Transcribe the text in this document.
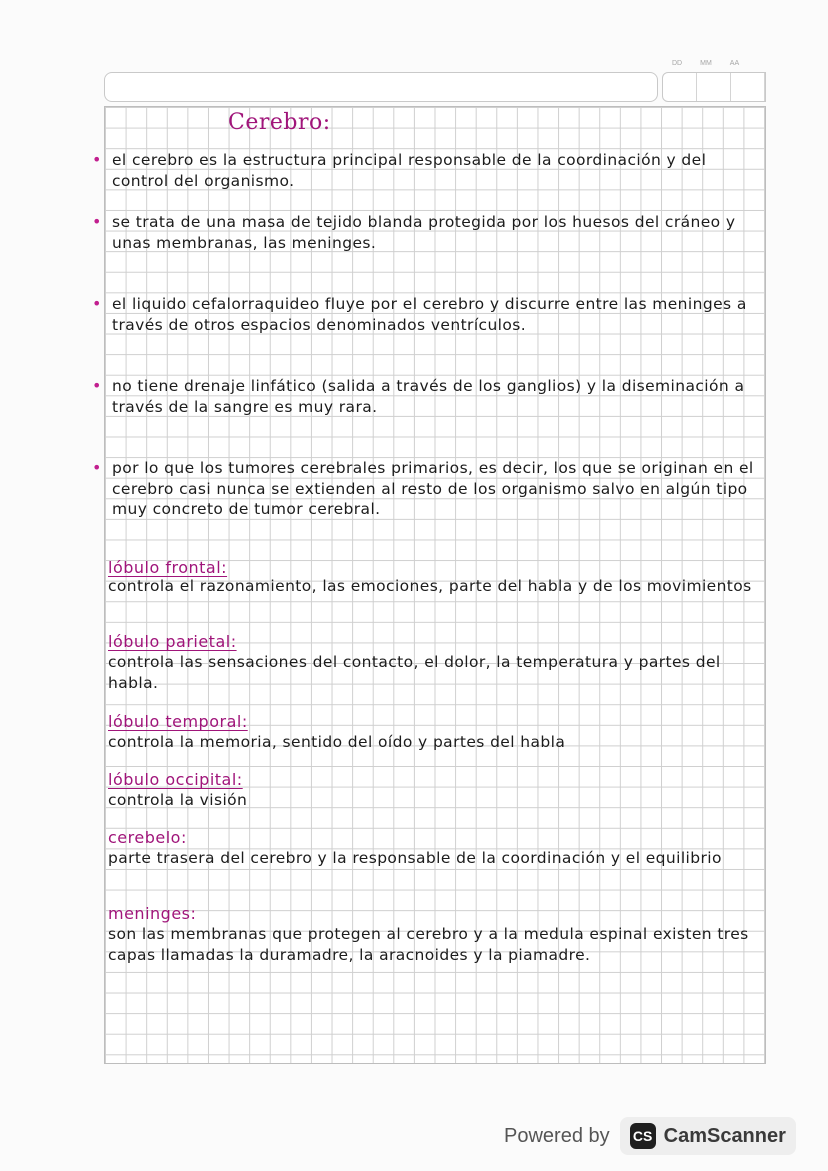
DD	MM	AA
Cerebro:
• el cerebro es la estructura principal responsable de la coordinación y del control del organismo.
• se trata de una masa de tejido blanda protegida por los huesos del cráneo y unas membranas, las meninges.
• el liquido cefalorraquideo fluye por el cerebro y discurre entre las meninges a través de otros espacios denominados ventrículos.
• no tiene drenaje linfático (salida a través de los ganglios) y la diseminación a través de la sangre es muy rara.
• por lo que los tumores cerebrales primarios, es decir, los que se originan en el cerebro casi nunca se extienden al resto de los organismo salvo en algún tipo muy concreto de tumor cerebral.
lóbulo frontal:
controla el razonamiento, las emociones, parte del habla y de los movimientos
lóbulo parietal:
controla las sensaciones del contacto, el dolor, la temperatura y partes del habla.
lóbulo temporal:
controla la memoria, sentido del oído y partes del habla
lóbulo occipital:
controla la visión
cerebelo:
parte trasera del cerebro y la responsable de la coordinación y el equilibrio
meninges:
son las membranas que protegen al cerebro y a la medula espinal existen tres capas llamadas la duramadre, la aracnoides y la piamadre.
Powered by CS CamScanner
